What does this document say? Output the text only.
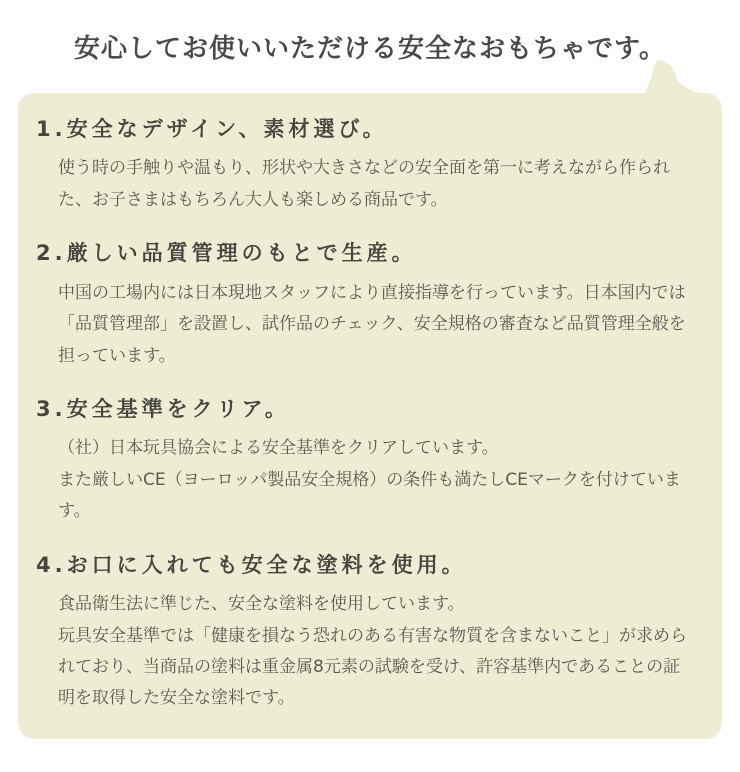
安心してお使いいただける安全なおもちゃです。
1.安全なデザイン、素材選び。

使う時の手触りや温もり、形状や大きさなどの安全面を第一に考えながら作られた、お子さまはもちろん大人も楽しめる商品です。

2.厳しい品質管理のもとで生産。

中国の工場内には日本現地スタッフにより直接指導を行っています。日本国内では「品質管理部」を設置し、試作品のチェック、安全規格の審査など品質管理全般を担っています。

3.安全基準をクリア。

（社）日本玩具協会による安全基準をクリアしています。

また厳しいCE（ヨーロッパ製品安全規格）の条件も満たしCEマークを付けています。

4.お口に入れても安全な塗料を使用。

食品衛生法に準じた、安全な塗料を使用しています。

玩具安全基準では「健康を損なう恐れのある有害な物質を含まないこと」が求められており、当商品の塗料は重金属8元素の試験を受け、許容基準内であることの証明を取得した安全な塗料です。
